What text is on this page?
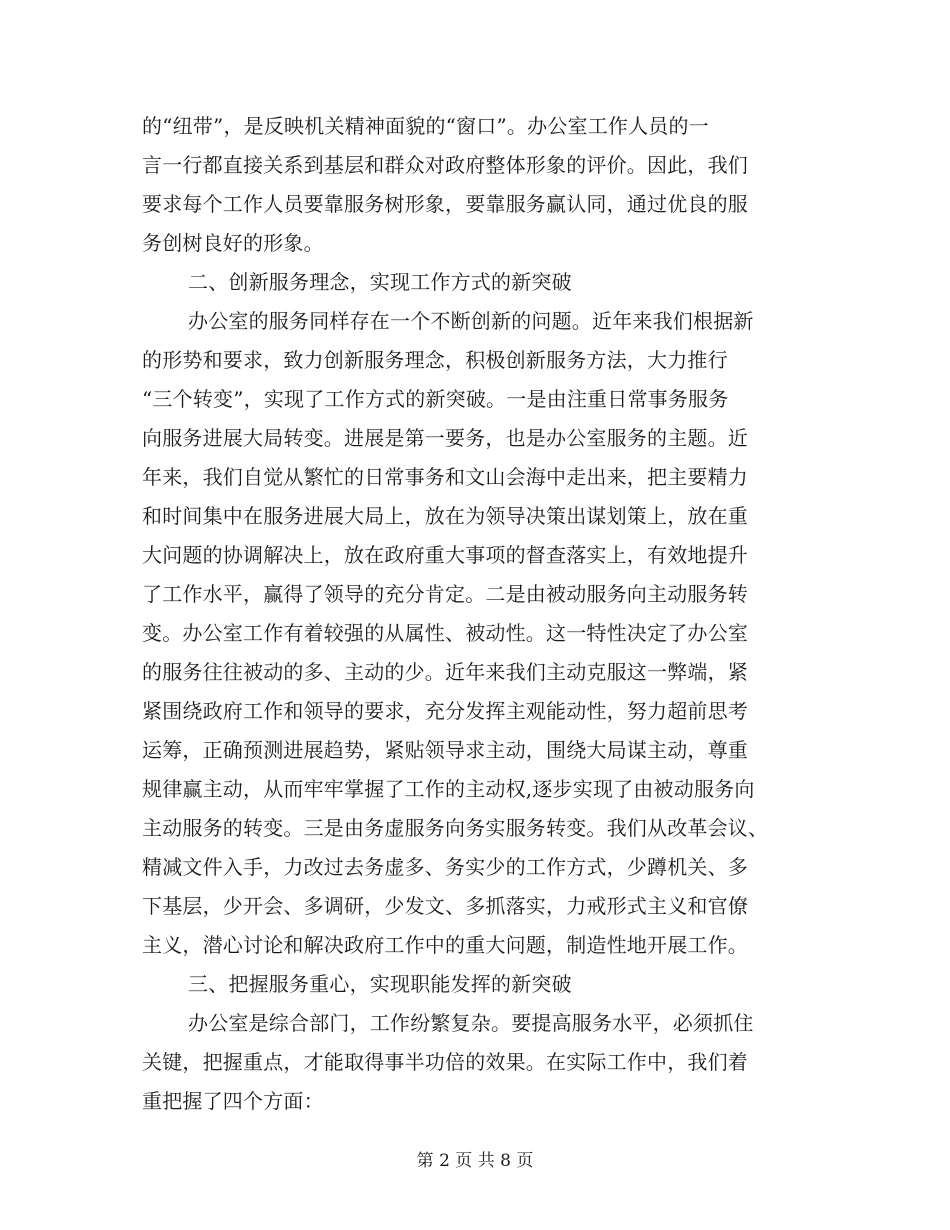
的“纽带”，是反映机关精神面貌的“窗口”。办公室工作人员的一
言一行都直接关系到基层和群众对政府整体形象的评价。因此，我们
要求每个工作人员要靠服务树形象，要靠服务赢认同，通过优良的服
务创树良好的形象。
二、创新服务理念，实现工作方式的新突破
办公室的服务同样存在一个不断创新的问题。近年来我们根据新
的形势和要求，致力创新服务理念，积极创新服务方法，大力推行
“三个转变”，实现了工作方式的新突破。一是由注重日常事务服务
向服务进展大局转变。进展是第一要务，也是办公室服务的主题。近
年来，我们自觉从繁忙的日常事务和文山会海中走出来，把主要精力
和时间集中在服务进展大局上，放在为领导决策出谋划策上，放在重
大问题的协调解决上，放在政府重大事项的督查落实上，有效地提升
了工作水平，赢得了领导的充分肯定。二是由被动服务向主动服务转
变。办公室工作有着较强的从属性、被动性。这一特性决定了办公室
的服务往往被动的多、主动的少。近年来我们主动克服这一弊端，紧
紧围绕政府工作和领导的要求，充分发挥主观能动性，努力超前思考
运筹，正确预测进展趋势，紧贴领导求主动，围绕大局谋主动，尊重
规律赢主动，从而牢牢掌握了工作的主动权,逐步实现了由被动服务向
主动服务的转变。三是由务虚服务向务实服务转变。我们从改革会议、
精减文件入手，力改过去务虚多、务实少的工作方式，少蹲机关、多
下基层，少开会、多调研，少发文、多抓落实，力戒形式主义和官僚
主义，潜心讨论和解决政府工作中的重大问题，制造性地开展工作。
三、把握服务重心，实现职能发挥的新突破
办公室是综合部门，工作纷繁复杂。要提高服务水平，必须抓住
关键，把握重点，才能取得事半功倍的效果。在实际工作中，我们着
重把握了四个方面：
第 2 页 共 8 页
